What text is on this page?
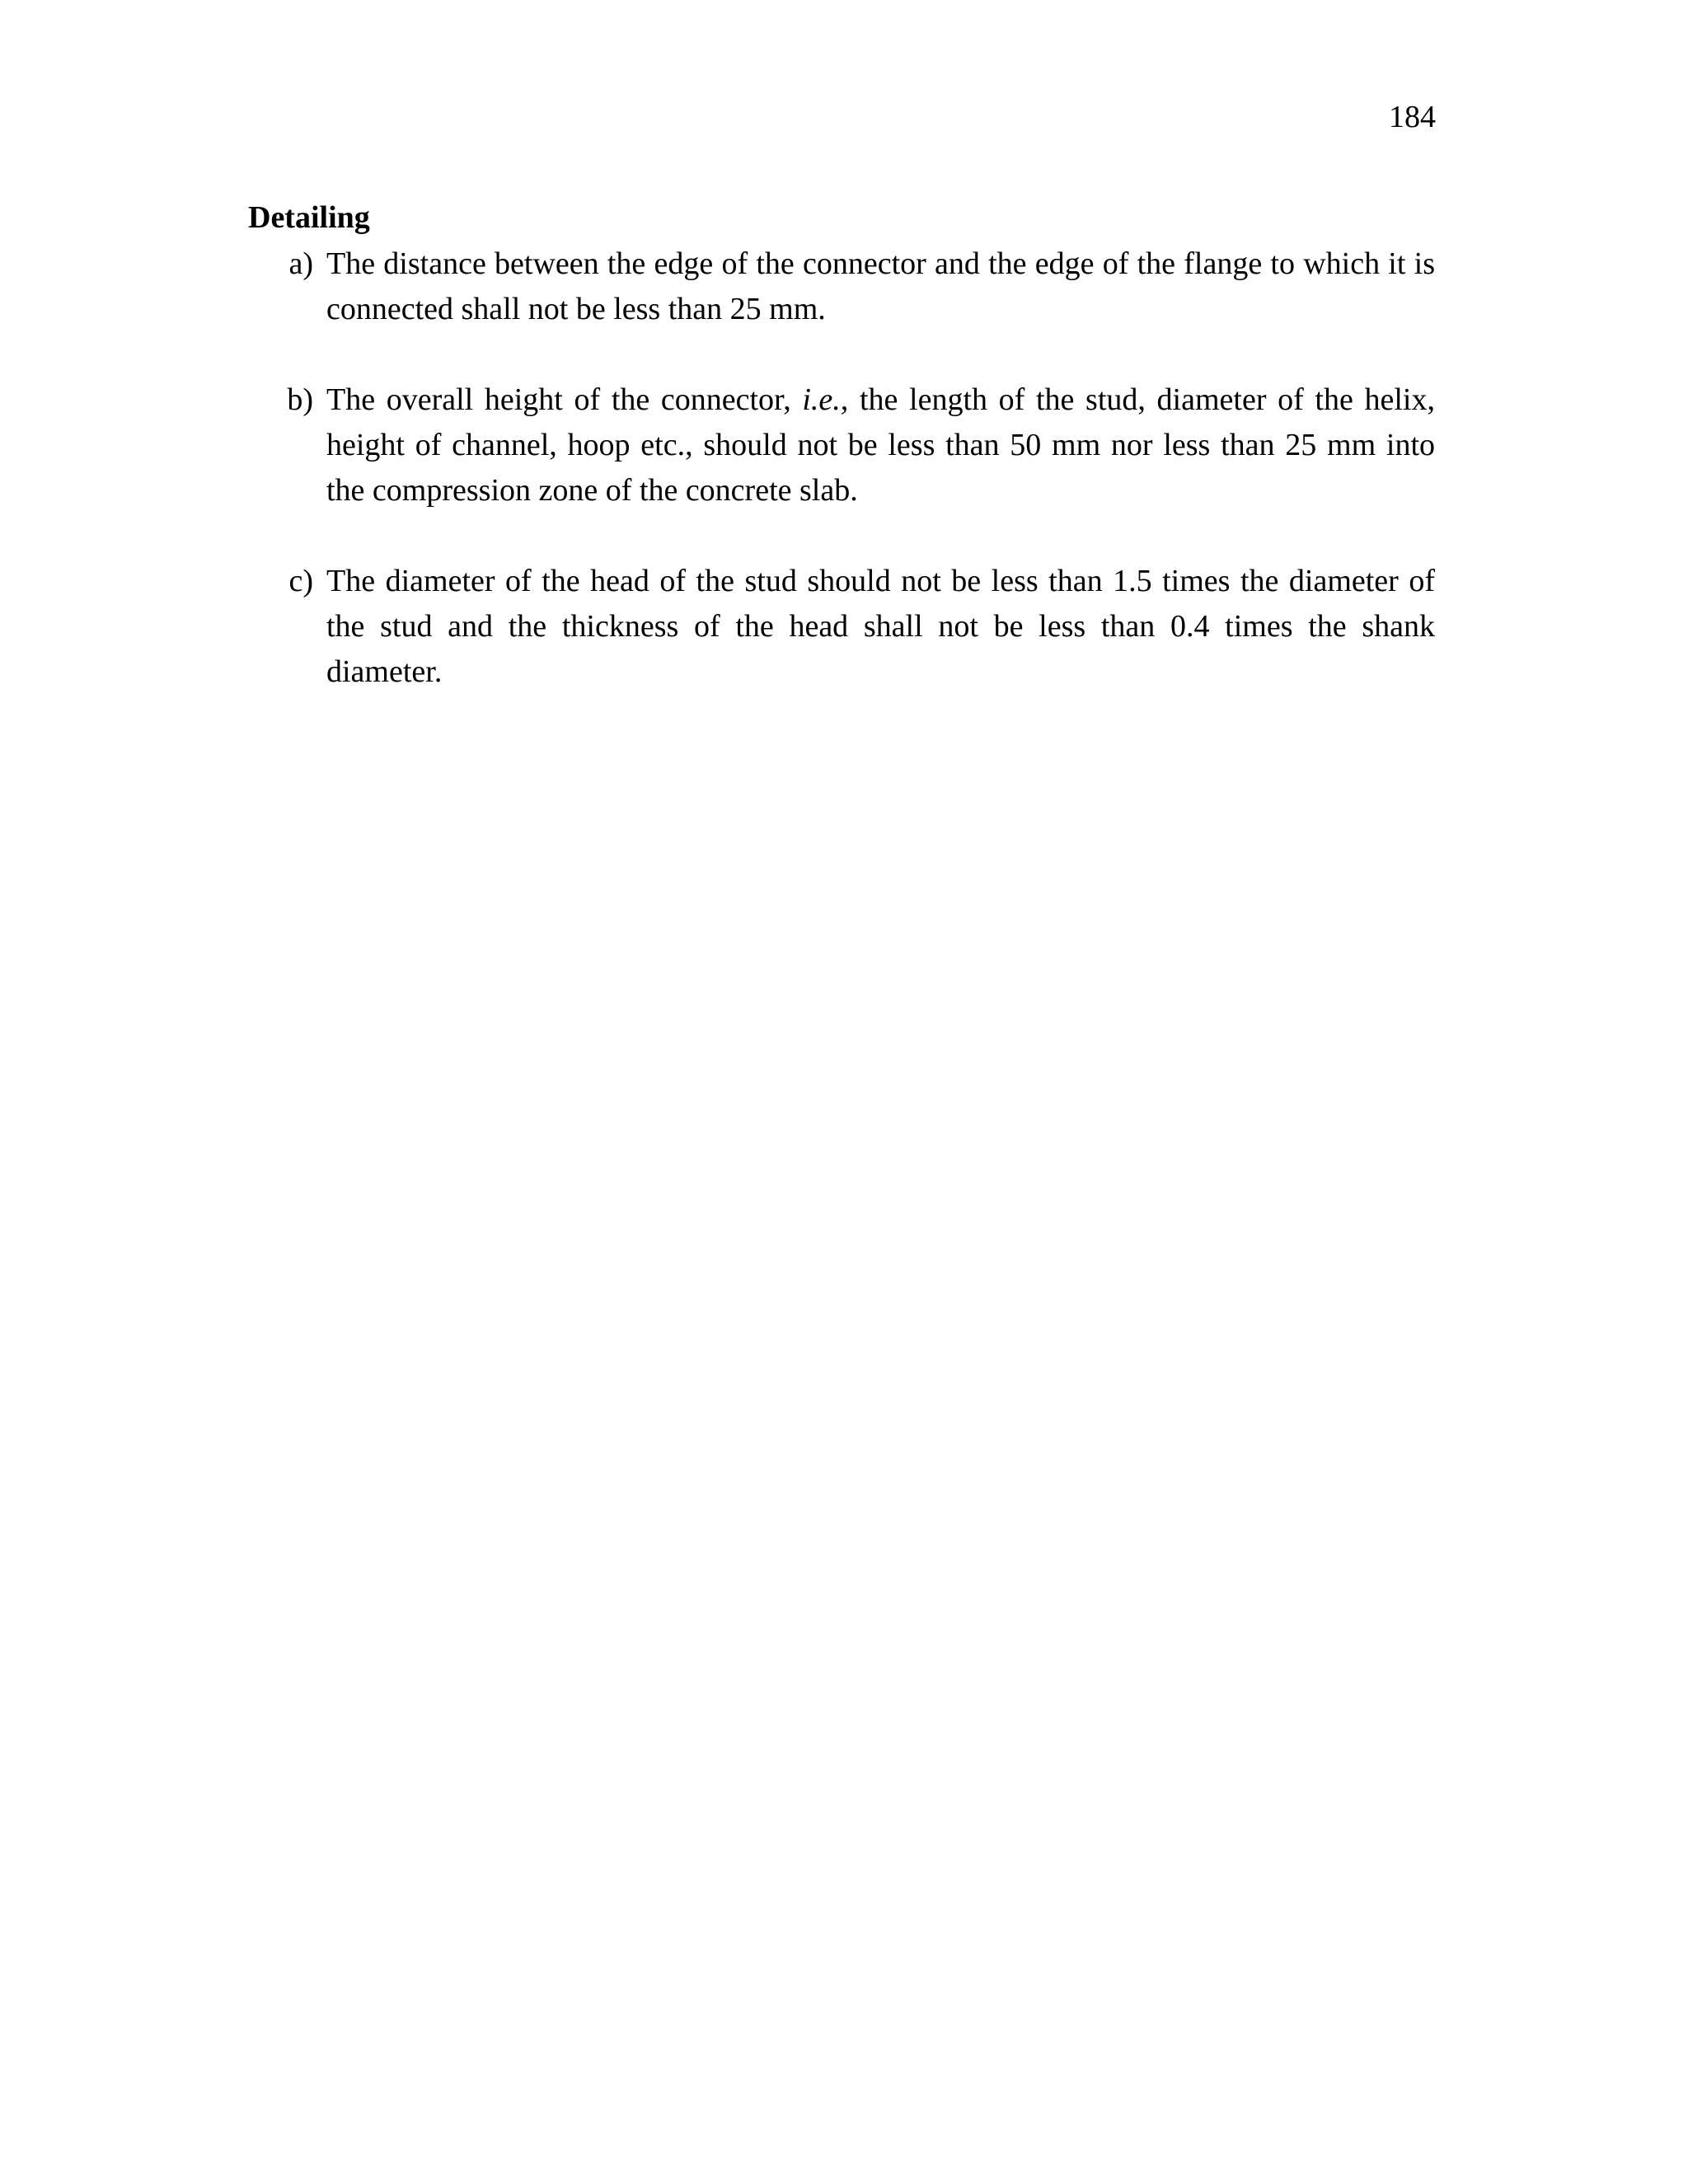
184
Detailing
a) The distance between the edge of the connector and the edge of the flange to which it is connected shall not be less than 25 mm.
b) The overall height of the connector, i.e., the length of the stud, diameter of the helix, height of channel, hoop etc., should not be less than 50 mm nor less than 25 mm into the compression zone of the concrete slab.
c) The diameter of the head of the stud should not be less than 1.5 times the diameter of the stud and the thickness of the head shall not be less than 0.4 times the shank diameter.
